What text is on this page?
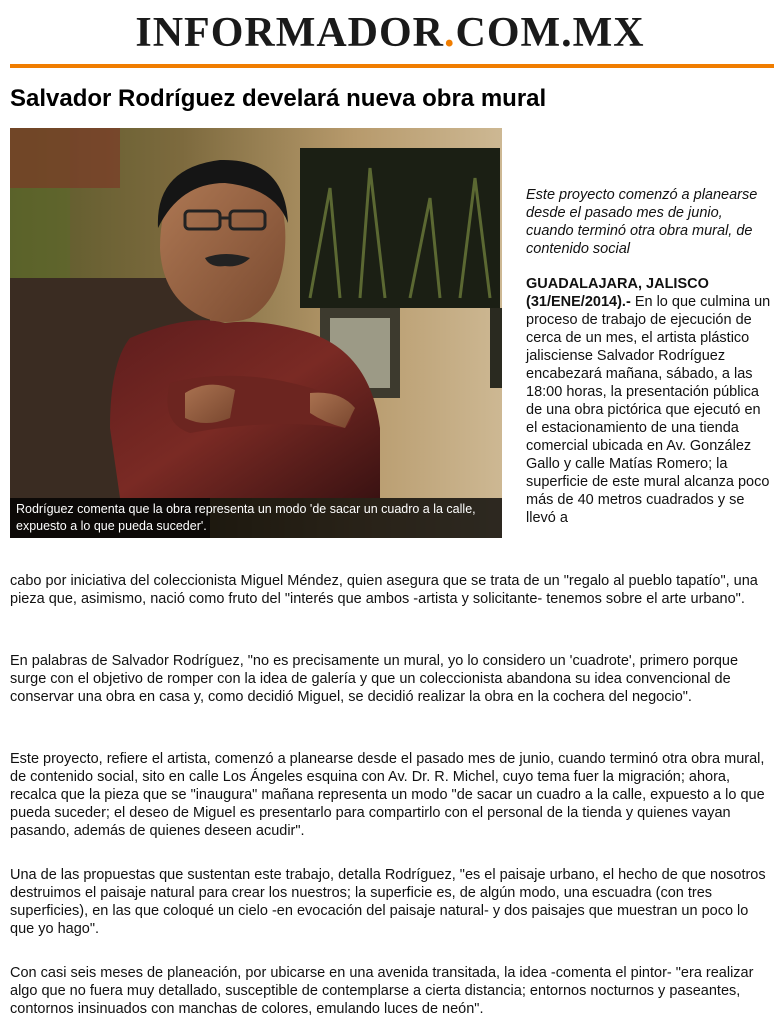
INFORMADOR.COM.MX
Salvador Rodríguez develará nueva obra mural
Rodríguez comenta que la obra representa un modo 'de sacar un cuadro a la calle, expuesto a lo que pueda suceder'.

Este proyecto comenzó a planearse desde el pasado mes de junio, cuando terminó otra obra mural, de contenido social

GUADALAJARA, JALISCO (31/ENE/2014).- En lo que culmina un proceso de trabajo de ejecución de cerca de un mes, el artista plástico jalisciense Salvador Rodríguez encabezará mañana, sábado, a las 18:00 horas, la presentación pública de una obra pictórica que ejecutó en el estacionamiento de una tienda comercial ubicada en Av. González Gallo y calle Matías Romero; la superficie de este mural alcanza poco más de 40 metros cuadrados y se llevó a

cabo por iniciativa del coleccionista Miguel Méndez, quien asegura que se trata de un "regalo al pueblo tapatío", una pieza que, asimismo, nació como fruto del "interés que ambos -artista y solicitante- tenemos sobre el arte urbano".

En palabras de Salvador Rodríguez, "no es precisamente un mural, yo lo considero un 'cuadrote', primero porque surge con el objetivo de romper con la idea de galería y que un coleccionista abandona su idea convencional de conservar una obra en casa y, como decidió Miguel, se decidió realizar la obra en la cochera del negocio".

Este proyecto, refiere el artista, comenzó a planearse desde el pasado mes de junio, cuando terminó otra obra mural, de contenido social, sito en calle Los Ángeles esquina con Av. Dr. R. Michel, cuyo tema fuer la migración; ahora, recalca que la pieza que se "inaugura" mañana representa un modo "de sacar un cuadro a la calle, expuesto a lo que pueda suceder; el deseo de Miguel es presentarlo para compartirlo con el personal de la tienda y quienes vayan pasando, además de quienes deseen acudir".

Una de las propuestas que sustentan este trabajo, detalla Rodríguez, "es el paisaje urbano, el hecho de que nosotros destruimos el paisaje natural para crear los nuestros; la superficie es, de algún modo, una escuadra (con tres superficies), en las que coloqué un cielo -en evocación del paisaje natural- y dos paisajes que muestran un poco lo que yo hago".

Con casi seis meses de planeación, por ubicarse en una avenida transitada, la idea -comenta el pintor- "era realizar algo que no fuera muy detallado, susceptible de contemplarse a cierta distancia; entornos nocturnos y paseantes, contornos insinuados con manchas de colores, emulando luces de neón".
